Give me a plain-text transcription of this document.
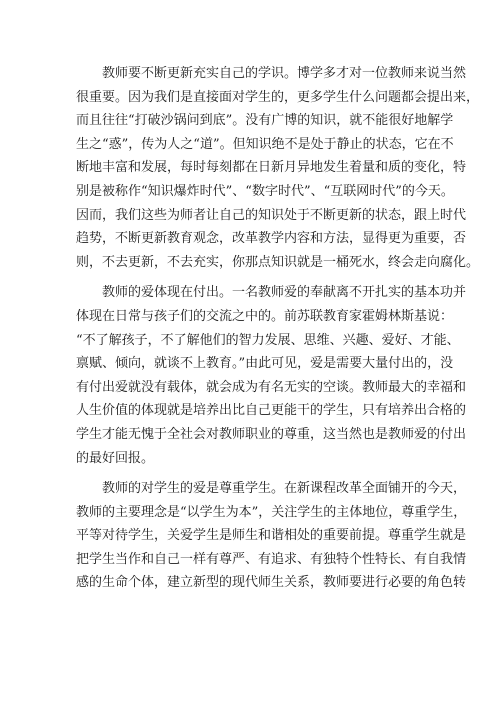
教师要不断更新充实自己的学识。博学多才对一位教师来说当然
很重要。因为我们是直接面对学生的，更多学生什么问题都会提出来，
而且往往“打破沙锅问到底”。没有广博的知识，就不能很好地解学
生之“惑”，传为人之“道”。但知识绝不是处于静止的状态，它在不
断地丰富和发展，每时每刻都在日新月异地发生着量和质的变化，特
别是被称作“知识爆炸时代”、“数字时代”、“互联网时代”的今天。
因而，我们这些为师者让自己的知识处于不断更新的状态，跟上时代
趋势，不断更新教育观念，改革教学内容和方法，显得更为重要，否
则，不去更新，不去充实，你那点知识就是一桶死水，终会走向腐化。
教师的爱体现在付出。一名教师爱的奉献离不开扎实的基本功并
体现在日常与孩子们的交流之中的。前苏联教育家霍姆林斯基说：
“不了解孩子，不了解他们的智力发展、思维、兴趣、爱好、才能、
禀赋、倾向，就谈不上教育。”由此可见，爱是需要大量付出的，没
有付出爱就没有载体，就会成为有名无实的空谈。教师最大的幸福和
人生价值的体现就是培养出比自己更能干的学生，只有培养出合格的
学生才能无愧于全社会对教师职业的尊重，这当然也是教师爱的付出
的最好回报。
教师的对学生的爱是尊重学生。在新课程改革全面铺开的今天，
教师的主要理念是“以学生为本”，关注学生的主体地位，尊重学生，
平等对待学生，关爱学生是师生和谐相处的重要前提。尊重学生就是
把学生当作和自己一样有尊严、有追求、有独特个性特长、有自我情
感的生命个体，建立新型的现代师生关系，教师要进行必要的角色转
